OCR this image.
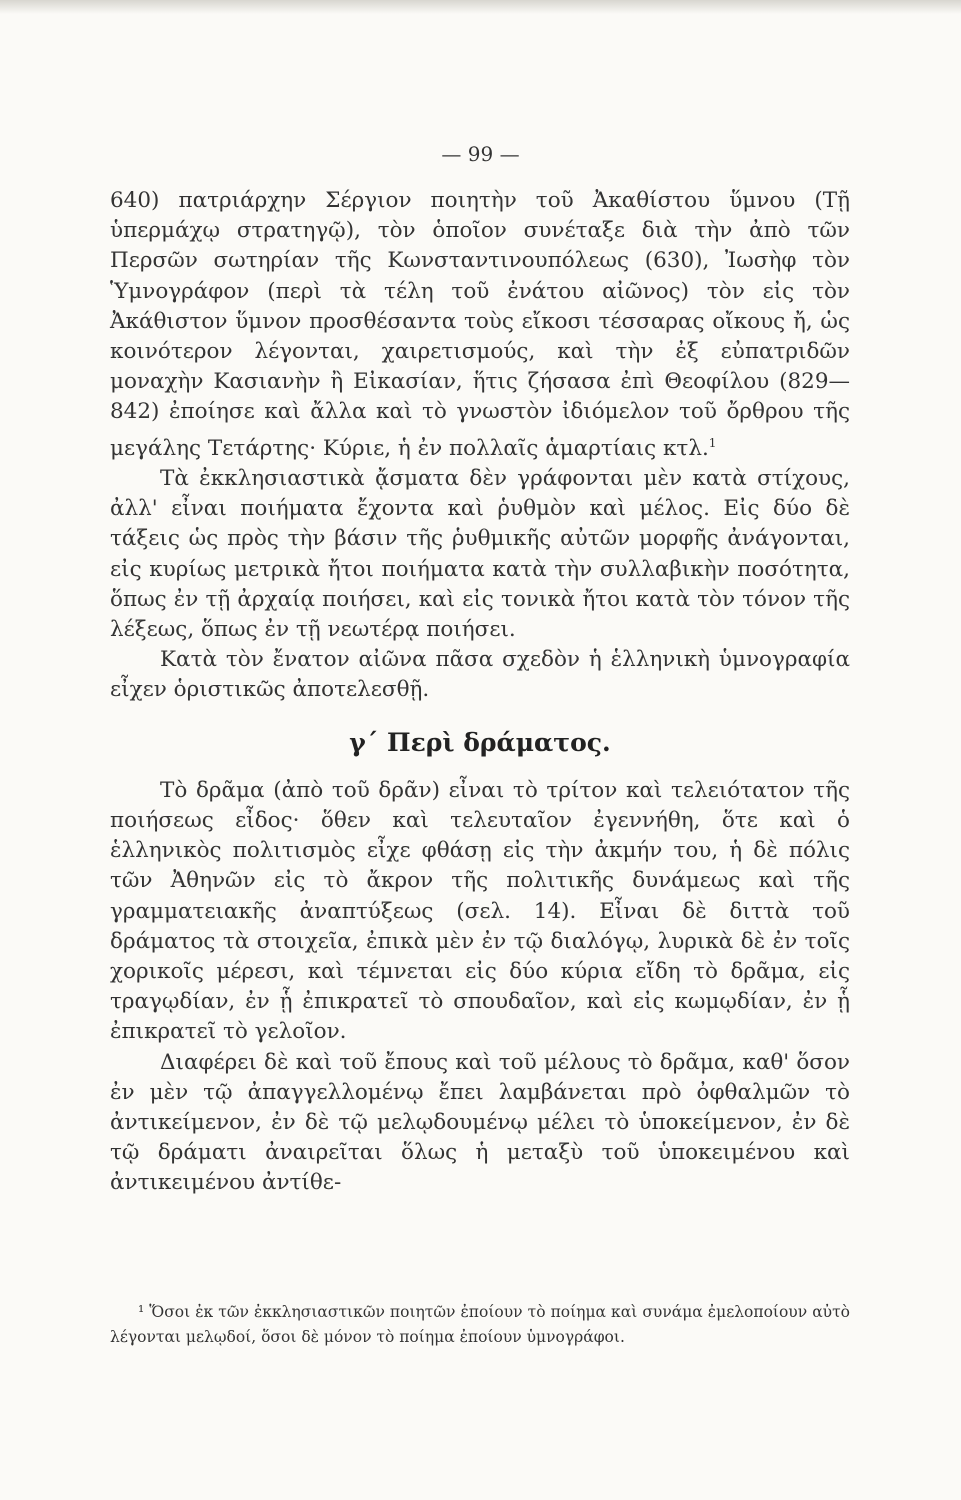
— 99 —

640) πατριάρχην Σέργιον ποιητὴν τοῦ Ἀκαθίστου ὕμνου (Τῇ ὑπερμάχῳ στρατηγῷ), τὸν ὁποῖον συνέταξε διὰ τὴν ἀπὸ τῶν Περσῶν σωτηρίαν τῆς Κωνσταντινουπόλεως (630), Ἰωσὴφ τὸν Ὑμνογράφον (περὶ τὰ τέλη τοῦ ἐνάτου αἰῶνος) τὸν εἰς τὸν Ἀκάθιστον ὕμνον προσθέσαντα τοὺς εἴκοσι τέσσαρας οἴκους ἤ, ὡς κοινότερον λέγονται, χαιρετισμούς, καὶ τὴν ἐξ εὐπατριδῶν μοναχὴν Κασιανὴν ἢ Εἰκασίαν, ἥτις ζήσασα ἐπὶ Θεοφίλου (829—842) ἐποίησε καὶ ἄλλα καὶ τὸ γνωστὸν ἰδιόμελον τοῦ ὄρθρου τῆς μεγάλης Τετάρτης· Κύριε, ἡ ἐν πολλαῖς ἁμαρτίαις κτλ.$^1$

Τὰ ἐκκλησιαστικὰ ᾄσματα δὲν γράφονται μὲν κατὰ στίχους, ἀλλ' εἶναι ποιήματα ἔχοντα καὶ ῥυθμὸν καὶ μέλος. Εἰς δύο δὲ τάξεις ὡς πρὸς τὴν βάσιν τῆς ῥυθμικῆς αὐτῶν μορφῆς ἀνάγονται, εἰς κυρίως μετρικὰ ἤτοι ποιήματα κατὰ τὴν συλλαβικὴν ποσότητα, ὅπως ἐν τῇ ἀρχαίᾳ ποιήσει, καὶ εἰς τονικὰ ἤτοι κατὰ τὸν τόνον τῆς λέξεως, ὅπως ἐν τῇ νεωτέρᾳ ποιήσει.

Κατὰ τὸν ἔνατον αἰῶνα πᾶσα σχεδὸν ἡ ἑλληνικὴ ὑμνογραφία εἶχεν ὁριστικῶς ἀποτελεσθῇ.

γ΄ Περὶ δράματος.

Τὸ δρᾶμα (ἀπὸ τοῦ δρᾶν) εἶναι τὸ τρίτον καὶ τελειότατον τῆς ποιήσεως εἶδος· ὅθεν καὶ τελευταῖον ἐγεννήθη, ὅτε καὶ ὁ ἑλληνικὸς πολιτισμὸς εἶχε φθάσῃ εἰς τὴν ἀκμήν του, ἡ δὲ πόλις τῶν Ἀθηνῶν εἰς τὸ ἄκρον τῆς πολιτικῆς δυνάμεως καὶ τῆς γραμματειακῆς ἀναπτύξεως (σελ. 14). Εἶναι δὲ διττὰ τοῦ δράματος τὰ στοιχεῖα, ἐπικὰ μὲν ἐν τῷ διαλόγῳ, λυρικὰ δὲ ἐν τοῖς χορικοῖς μέρεσι, καὶ τέμνεται εἰς δύο κύρια εἴδη τὸ δρᾶμα, εἰς τραγῳδίαν, ἐν ᾗ ἐπικρατεῖ τὸ σπουδαῖον, καὶ εἰς κωμῳδίαν, ἐν ᾗ ἐπικρατεῖ τὸ γελοῖον.

Διαφέρει δὲ καὶ τοῦ ἔπους καὶ τοῦ μέλους τὸ δρᾶμα, καθ' ὅσον ἐν μὲν τῷ ἀπαγγελλομένῳ ἔπει λαμβάνεται πρὸ ὀφθαλμῶν τὸ ἀντικείμενον, ἐν δὲ τῷ μελῳδουμένῳ μέλει τὸ ὑποκείμενον, ἐν δὲ τῷ δράματι ἀναιρεῖται ὅλως ἡ μεταξὺ τοῦ ὑποκειμένου καὶ ἀντικειμένου ἀντίθε-

¹ Ὅσοι ἐκ τῶν ἐκκλησιαστικῶν ποιητῶν ἐποίουν τὸ ποίημα καὶ συνάμα ἐμελοποίουν αὐτὸ λέγονται μελῳδοί, ὅσοι δὲ μόνον τὸ ποίημα ἐποίουν ὑμνογράφοι.
